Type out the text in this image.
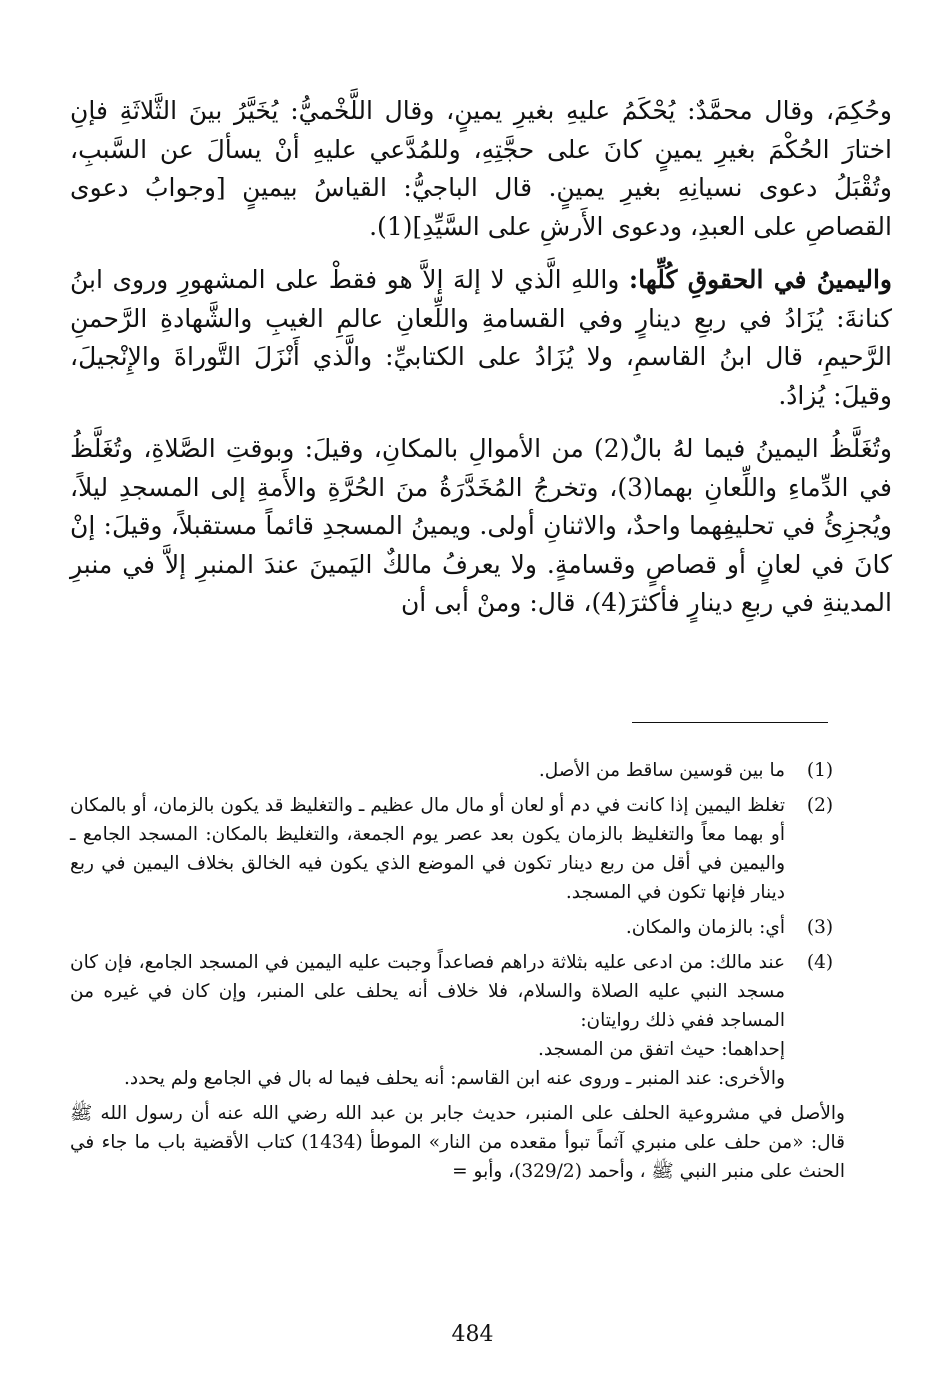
وحُكِمَ، وقال محمَّدٌ: يُحْكَمُ عليهِ بغيرِ يمينٍ، وقال اللَّخْميُّ: يُخَيَّرُ بينَ الثَّلاثَةِ فإنِ اختارَ الحُكْمَ بغيرِ يمينٍ كانَ على حجَّتِهِ، وللمُدَّعي عليهِ أنْ يسألَ عن السَّببِ، وتُقْبَلُ دعوى نسيانِهِ بغيرِ يمينٍ. قال الباجيُّ: القياسُ بيمينٍ [وجوابُ دعوى القصاصِ على العبدِ، ودعوى الأَرشِ على السَّيِّدِ](1).

واليمينُ في الحقوقِ كُلِّها: واللهِ الَّذي لا إلهَ إلاَّ هو فقطْ على المشهورِ وروى ابنُ كنانةَ: يُزَادُ في ربعِ دينارٍ وفي القسامةِ واللِّعانِ عالمِ الغيبِ والشَّهادةِ الرَّحمنِ الرَّحيمِ، قال ابنُ القاسمِ، ولا يُزَادُ على الكتابيِّ: والَّذي أَنْزَلَ التَّوراةَ والإِنْجيلَ، وقيلَ: يُزادُ.

وتُغَلَّظُ اليمينُ فيما لهُ بالٌ(2) من الأموالِ بالمكانِ، وقيلَ: وبوقتِ الصَّلاةِ، وتُغَلَّظُ في الدِّماءِ واللِّعانِ بهما(3)، وتخرجُ المُخَدَّرَةُ منَ الحُرَّةِ والأَمةِ إلى المسجدِ ليلاً، ويُجزِئُ في تحليفِهما واحدٌ، والاثنانِ أولى. ويمينُ المسجدِ قائماً مستقبلاً، وقيلَ: إنْ كانَ في لعانٍ أو قصاصٍ وقسامةٍ. ولا يعرفُ مالكٌ اليَمينَ عندَ المنبرِ إلاَّ في منبرِ المدينةِ في ربعِ دينارٍ فأكثرَ(4)، قال: ومنْ أبى أن

(1)

ما بين قوسين ساقط من الأصل.

(2)

تغلظ اليمين إذا كانت في دم أو لعان أو مال مال عظيم ـ والتغليظ قد يكون بالزمان، أو بالمكان أو بهما معاً والتغليظ بالزمان يكون بعد عصر يوم الجمعة، والتغليظ بالمكان: المسجد الجامع ـ واليمين في أقل من ربع دينار تكون في الموضع الذي يكون فيه الخالق بخلاف اليمين في ربع دينار فإنها تكون في المسجد.

(3)

أي: بالزمان والمكان.

(4)

عند مالك: من ادعى عليه بثلاثة دراهم فصاعداً وجبت عليه اليمين في المسجد الجامع، فإن كان مسجد النبي عليه الصلاة والسلام، فلا خلاف أنه يحلف على المنبر، وإن كان في غيره من المساجد ففي ذلك روايتان:

إحداهما: حيث اتفق من المسجد.

والأخرى: عند المنبر ـ وروى عنه ابن القاسم: أنه يحلف فيما له بال في الجامع ولم يحدد.

والأصل في مشروعية الحلف على المنبر، حديث جابر بن عبد الله رضي الله عنه أن رسول الله ﷺ قال: «من حلف على منبري آثماً تبوأ مقعده من النار» الموطأ (1434) كتاب الأقضية باب ما جاء في الحنث على منبر النبي ﷺ ، وأحمد (329/2)، وأبو =

484
